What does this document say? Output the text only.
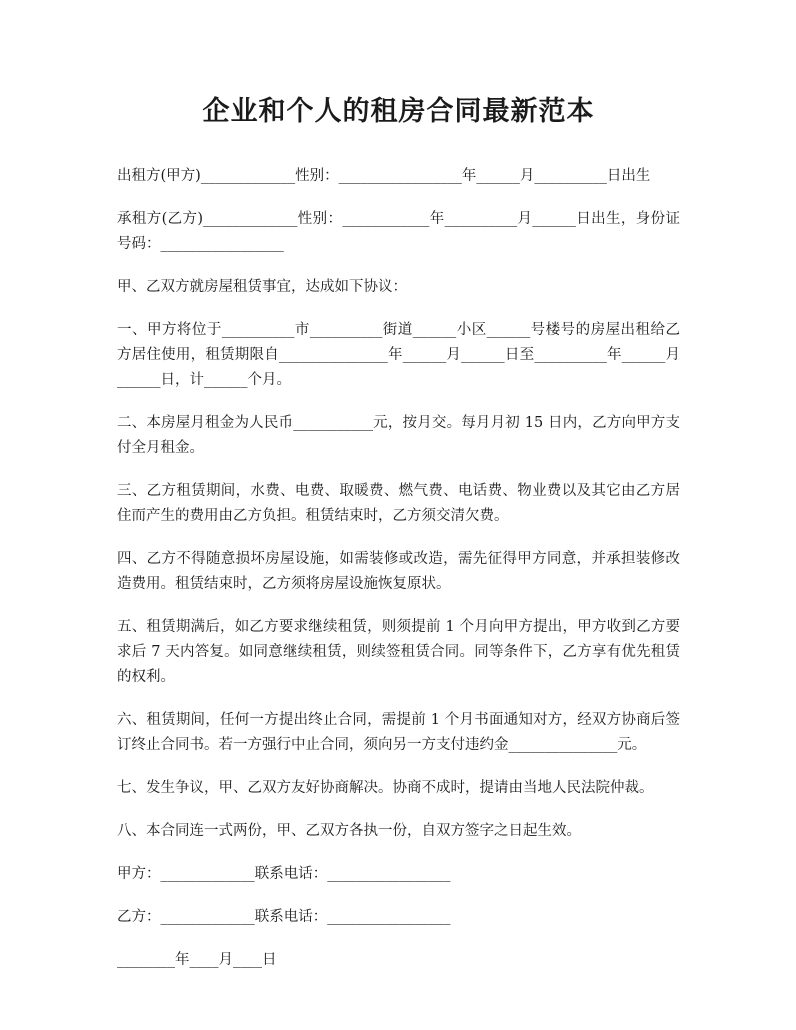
企业和个人的租房合同最新范本

出租方(甲方)_____________性别：_________________年______月__________日出生

承租方(乙方)_____________性别：____________年__________月______日出生，身份证号码：_________________

甲、乙双方就房屋租赁事宜，达成如下协议：

一、甲方将位于__________市__________街道______小区______号楼号的房屋出租给乙方居住使用，租赁期限自_______________年______月______日至__________年______月______日，计______个月。

二、本房屋月租金为人民币___________元，按月交。每月月初 15 日内，乙方向甲方支付全月租金。

三、乙方租赁期间，水费、电费、取暖费、燃气费、电话费、物业费以及其它由乙方居住而产生的费用由乙方负担。租赁结束时，乙方须交清欠费。

四、乙方不得随意损坏房屋设施，如需装修或改造，需先征得甲方同意，并承担装修改造费用。租赁结束时，乙方须将房屋设施恢复原状。

五、租赁期满后，如乙方要求继续租赁，则须提前 1 个月向甲方提出，甲方收到乙方要求后 7 天内答复。如同意继续租赁，则续签租赁合同。同等条件下，乙方享有优先租赁的权利。

六、租赁期间，任何一方提出终止合同，需提前 1 个月书面通知对方，经双方协商后签订终止合同书。若一方强行中止合同，须向另一方支付违约金_______________元。

七、发生争议，甲、乙双方友好协商解决。协商不成时，提请由当地人民法院仲裁。

八、本合同连一式两份，甲、乙双方各执一份，自双方签字之日起生效。

甲方：_____________联系电话：_________________

乙方：_____________联系电话：_________________

________年____月____日
